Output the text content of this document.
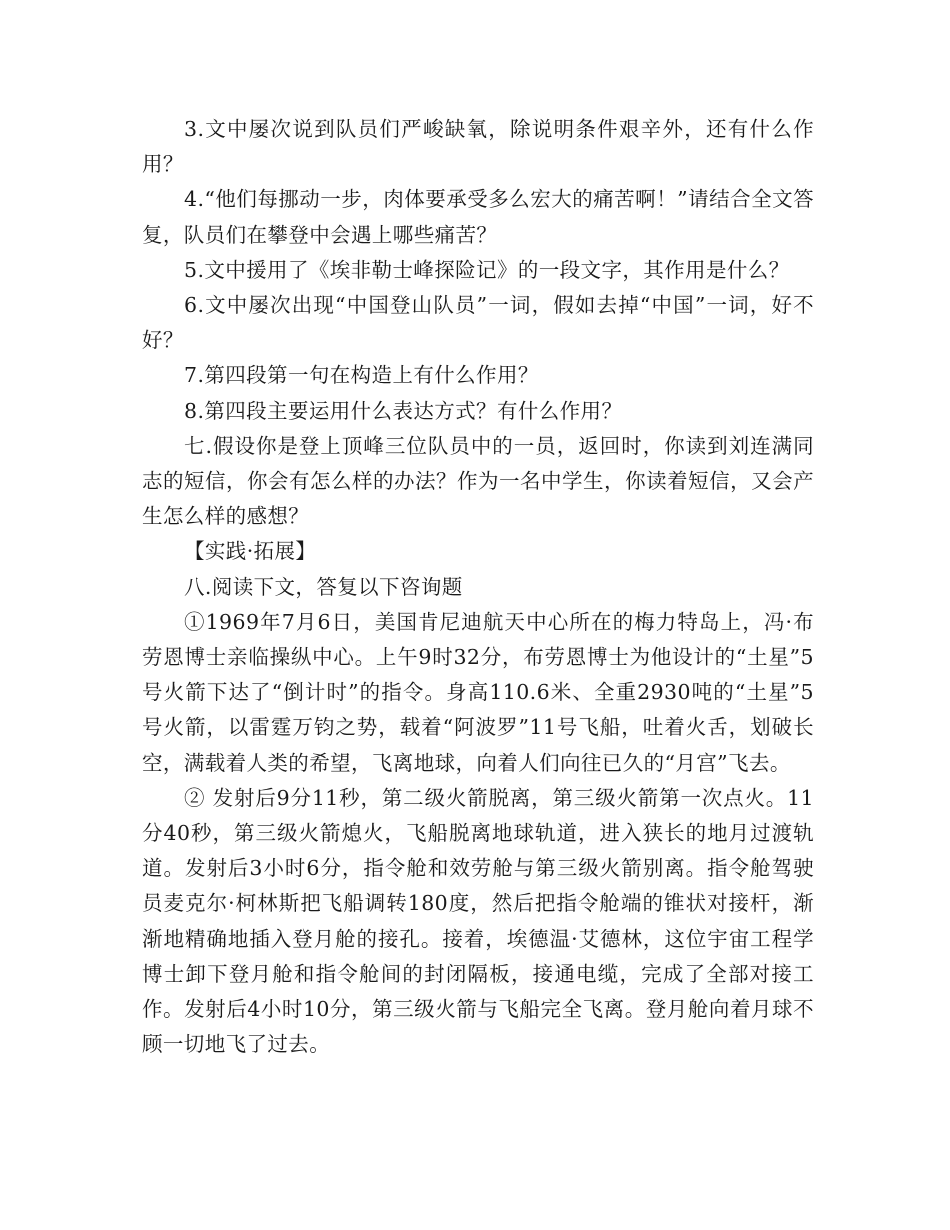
3.文中屡次说到队员们严峻缺氧，除说明条件艰辛外，还有什么作用？

4.“他们每挪动一步，肉体要承受多么宏大的痛苦啊！”请结合全文答复，队员们在攀登中会遇上哪些痛苦？

5.文中援用了《埃非勒士峰探险记》的一段文字，其作用是什么？

6.文中屡次出现“中国登山队员”一词，假如去掉“中国”一词，好不好？

7.第四段第一句在构造上有什么作用？

8.第四段主要运用什么表达方式？有什么作用？

七.假设你是登上顶峰三位队员中的一员，返回时，你读到刘连满同志的短信，你会有怎么样的办法？作为一名中学生，你读着短信，又会产生怎么样的感想？

【实践·拓展】

八.阅读下文，答复以下咨询题

①1969年7月6日，美国肯尼迪航天中心所在的梅力特岛上，冯·布劳恩博士亲临操纵中心。上午9时32分，布劳恩博士为他设计的“土星”5号火箭下达了“倒计时”的指令。身高110.6米、全重2930吨的“土星”5号火箭，以雷霆万钧之势，载着“阿波罗”11号飞船，吐着火舌，划破长空，满载着人类的希望，飞离地球，向着人们向往已久的“月宫”飞去。

② 发射后9分11秒，第二级火箭脱离，第三级火箭第一次点火。11分40秒，第三级火箭熄火，飞船脱离地球轨道，进入狭长的地月过渡轨道。发射后3小时6分，指令舱和效劳舱与第三级火箭别离。指令舱驾驶员麦克尔·柯林斯把飞船调转180度，然后把指令舱端的锥状对接杆，渐渐地精确地插入登月舱的接孔。接着，埃德温·艾德林，这位宇宙工程学博士卸下登月舱和指令舱间的封闭隔板，接通电缆，完成了全部对接工作。发射后4小时10分，第三级火箭与飞船完全飞离。登月舱向着月球不顾一切地飞了过去。
